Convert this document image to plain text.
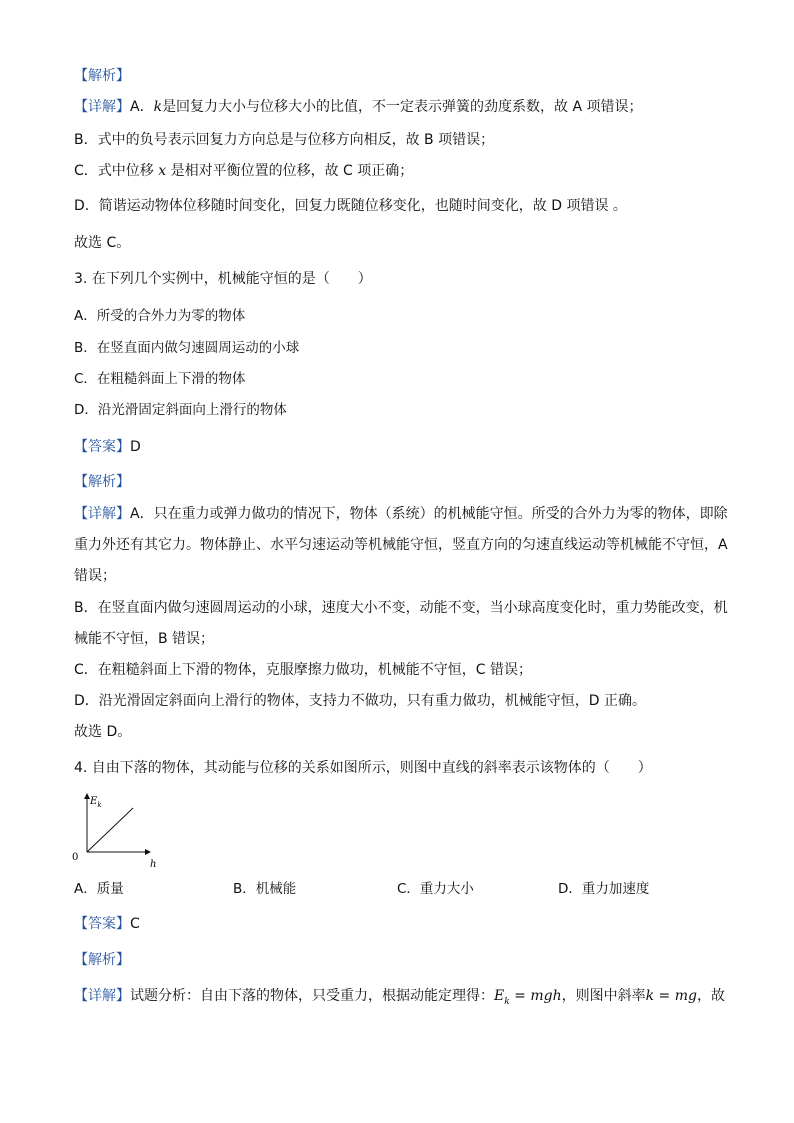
【解析】
【详解】A．k是回复力大小与位移大小的比值，不一定表示弹簧的劲度系数，故 A 项错误；
B．式中的负号表示回复力方向总是与位移方向相反，故 B 项错误；
C．式中位移 x 是相对平衡位置的位移，故 C 项正确；
D．简谐运动物体位移随时间变化，回复力既随位移变化，也随时间变化，故 D 项错误 。
故选 C。
3. 在下列几个实例中，机械能守恒的是（　　）
A．所受的合外力为零的物体
B．在竖直面内做匀速圆周运动的小球
C．在粗糙斜面上下滑的物体
D．沿光滑固定斜面向上滑行的物体
【答案】D
【解析】
【详解】A．只在重力或弹力做功的情况下，物体（系统）的机械能守恒。所受的合外力为零的物体，即除
重力外还有其它力。物体静止、水平匀速运动等机械能守恒，竖直方向的匀速直线运动等机械能不守恒，A
错误；
B．在竖直面内做匀速圆周运动的小球，速度大小不变，动能不变，当小球高度变化时，重力势能改变，机
械能不守恒，B 错误；
C．在粗糙斜面上下滑的物体，克服摩擦力做功，机械能不守恒，C 错误；
D．沿光滑固定斜面向上滑行的物体，支持力不做功，只有重力做功，机械能守恒，D 正确。
故选 D。
4. 自由下落的物体，其动能与位移的关系如图所示，则图中直线的斜率表示该物体的（　　）
$E_k$
h
0
A．质量	B．机械能	C．重力大小	D．重力加速度
【答案】C
【解析】
【详解】试题分析：自由下落的物体，只受重力，根据动能定理得：$E_k$ = mgh，则图中斜率k = mg，故
